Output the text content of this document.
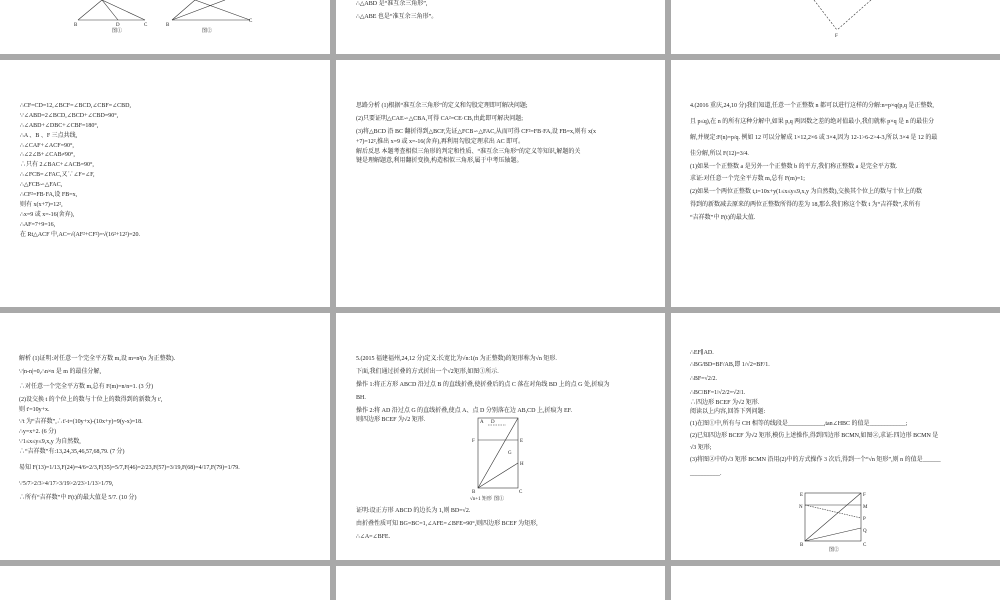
B	D	C	B
C
图①	图②
∴△ABD 是“准互余三角形”,
∴△ABE 也是“准互余三角形”。
F
∴CF=CD=12,∠BCF=∠BCD,∠CBF=∠CBD,
∵∠ABD=2∠BCD,∠BCD+∠CBD=90°,
∴∠ABD+∠DBC+∠CBF=180°,
∴A 、B 、F 三点共线,
∴∠CAF+∠ACF=90°,
∴∠2∠B+∠CAB≠90°,
∴只有 2∠BAC+∠ACB=90°,
∴∠FCB=∠FAC,又∵∠F=∠F,
∴△FCB∽△FAC,
∴CF²=FB·FA,设 FB=x,
则有 x(x+7)=12²,
∴x=9 或 x=-16(舍弃),
∴AF=7+9=16,
在 Rt△ACF 中,AC=√(AF²+CF²)=√(16²+12²)=20.
思路分析 (1)根据“准互余三角形”的定义和勾股定理即可解决问题;
(2)只要证明△CAE∽△CBA,可得 CA²=CE·CB,由此即可解决问题;
(3)将△BCD 沿 BC 翻折得到△BCF,先证△FCB∽△FAC,从而可得 CF²=FB·FA,设 FB=x,则有 x(x
+7)=12²,推出 x=9 或 x=-16(舍弃),再利用勾股定理求出 AC 即可。
解后反思 本题考查相似三角形的判定和性质、“准互余三角形”的定义等知识,解题的关
键是理解题意,利用翻折变换,构造相似三角形,属于中考压轴题。
4.(2016 重庆,24,10 分)我们知道,任意一个正整数 n 都可以进行这样的分解:n=p×q(p,q 是正整数,
且 p≤q),在 n 的所有这种分解中,如果 p,q 两因数之差的绝对值最小,我们就称 p×q 是 n 的最佳分
解,并规定:F(n)=p/q. 例如 12 可以分解成 1×12,2×6 或 3×4,因为 12-1>6-2>4-3,所以 3×4 是 12 的最
佳分解,所以 F(12)=3/4.
(1)如果一个正整数 a 是另外一个正整数 b 的平方,我们称正整数 a 是完全平方数.
求证:对任意一个完全平方数 m,总有 F(m)=1;
(2)如果一个两位正整数 t,t=10x+y(1≤x≤y≤9,x,y 为自然数),交换其个位上的数与十位上的数
得到的新数减去原来的两位正整数所得的差为 18,那么我们称这个数 t 为“吉祥数”,求所有
“吉祥数”中 F(t)的最大值.
解析 (1)证明:对任意一个完全平方数 m,设 m=n²(n 为正整数).
∵|n-n|=0,∴n×n 是 m 的最佳分解,
∴对任意一个完全平方数 m,总有 F(m)=n/n=1. (3 分)
(2)设交换 t 的个位上的数与十位上的数得到的新数为 t',
则 t'=10y+x.
∵t 为“吉祥数”,∴t'-t=(10y+x)-(10x+y)=9(y-x)=18.
∴y=x+2. (6 分)
∵1≤x≤y≤9,x,y 为自然数,
∴“吉祥数”有:13,24,35,46,57,68,79. (7 分)
易知 F(13)=1/13,F(24)=4/6=2/3,F(35)=5/7,F(46)=2/23,F(57)=3/19,F(68)=4/17,F(79)=1/79.
∵5/7>2/3>4/17>3/19>2/23>1/13>1/79,
∴所有“吉祥数”中 F(t)的最大值是 5/7. (10 分)
5.(2015 福建福州,24,12 分)定义:长宽比为√n:1(n 为正整数)的矩形称为√n 矩形.
下面,我们通过折叠的方式折出一个√2矩形,如图①所示.
操作 1:将正方形 ABCD 沿过点 B 的直线折叠,使折叠后的点 C 落在对角线 BD 上的点 G 处,折痕为
BH.
操作 2:将 AD 沿过点 G 的直线折叠,使点 A、点 D 分别落在边 AB,CD 上,折痕为 EF.
则四边形 BCEF 为√2 矩形.	A D
F	E
G
H
B	C
√n+1 矩形 图①
证明:设正方形 ABCD 的边长为 1,则 BD=√2.
由折叠性质可知 BG=BC=1,∠AFE=∠BFE=90°,则四边形 BCEF 为矩形,
∴∠A=∠BFE.
∴EF∥AD.
∴BG/BD=BF/AB,即 1/√2=BF/1.
∴BF=√2/2.
∴BC∶BF=1∶√2/2=√2∶1.
∴四边形 BCEF 为√2 矩形.
阅读以上内容,回答下列问题:
(1)在图①中,所有与 CH 相等的线段是____________,tan∠HBC 的值是____________;
(2)已知四边形 BCEF 为√2 矩形,模仿上述操作,得到四边形 BCMN,如图②,求证:四边形 BCMN 是
√3 矩形;
(3)将图②中的√3 矩形 BCMN 沿用(2)中的方式操作 3 次后,得到一个“√n 矩形”,则 n 的值是______
__________.
E	F
N	M
P
Q
B	C
图②
